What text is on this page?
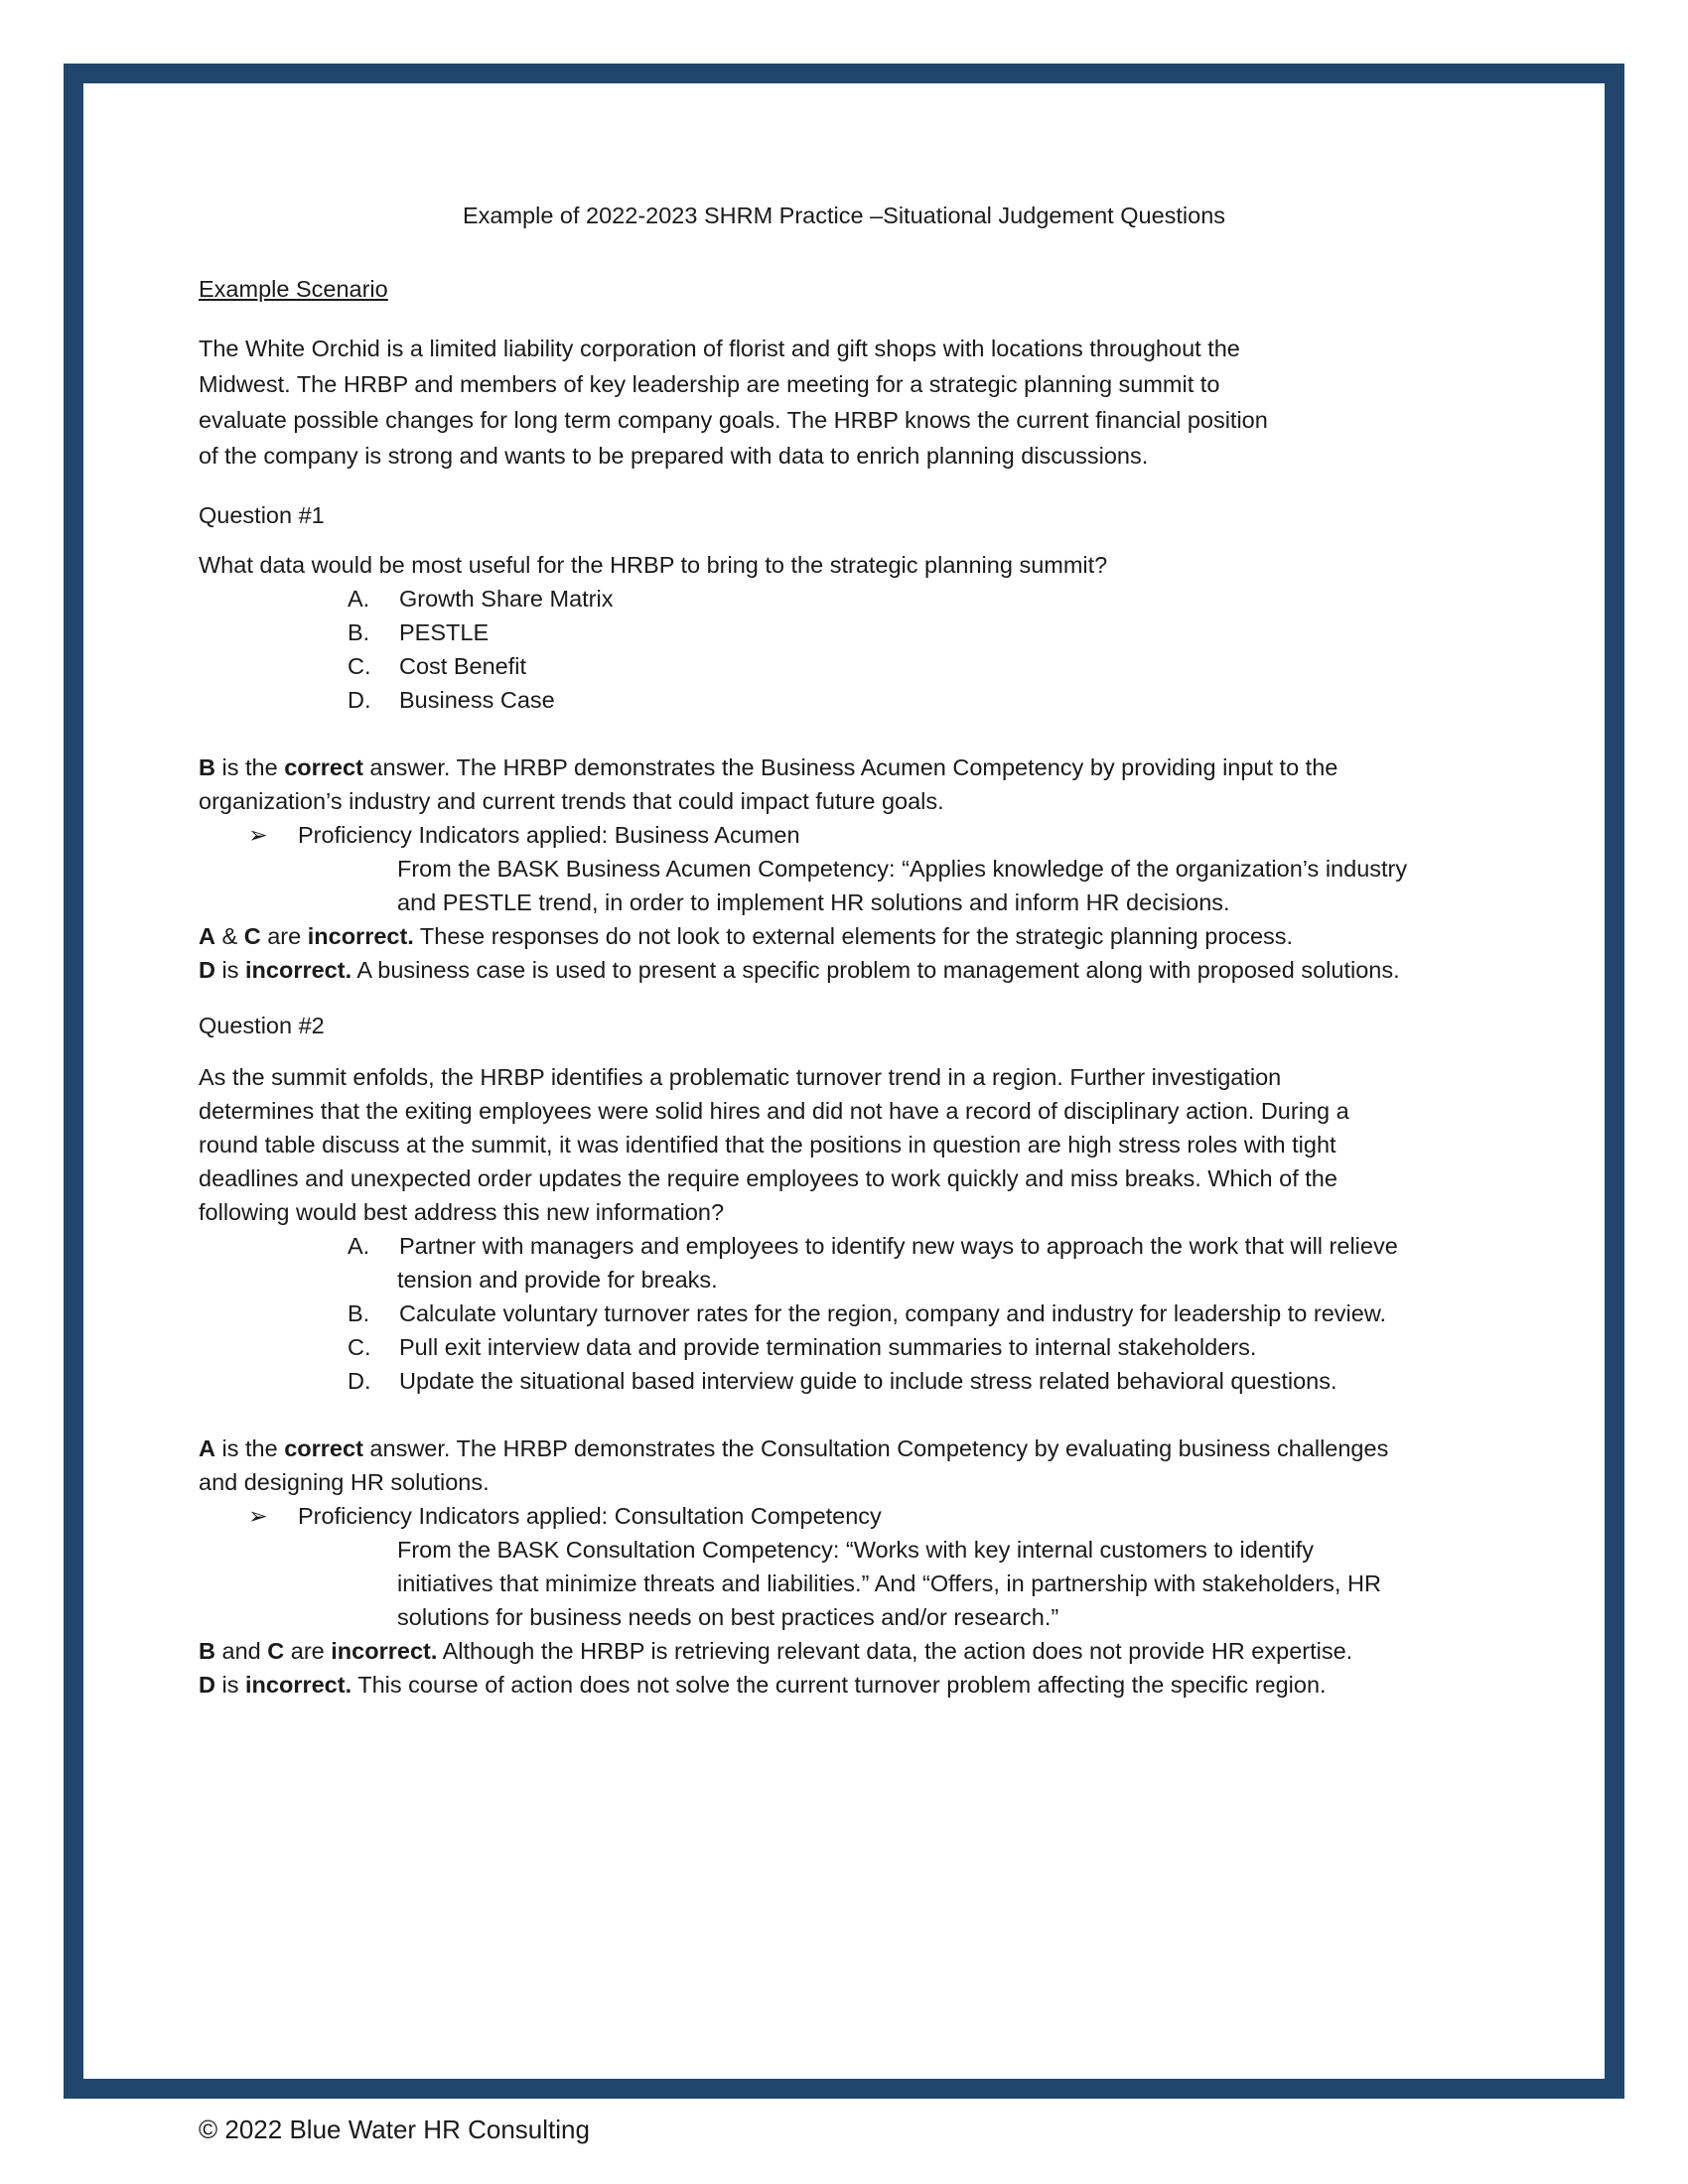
Example of 2022-2023 SHRM Practice –Situational Judgement Questions
Example Scenario
The White Orchid is a limited liability corporation of florist and gift shops with locations throughout the
Midwest. The HRBP and members of key leadership are meeting for a strategic planning summit to
evaluate possible changes for long term company goals. The HRBP knows the current financial position
of the company is strong and wants to be prepared with data to enrich planning discussions.
Question #1
What data would be most useful for the HRBP to bring to the strategic planning summit?
A. Growth Share Matrix
B. PESTLE
C. Cost Benefit
D. Business Case
B is the correct answer. The HRBP demonstrates the Business Acumen Competency by providing input to the
organization’s industry and current trends that could impact future goals.
➢ Proficiency Indicators applied: Business Acumen
From the BASK Business Acumen Competency: “Applies knowledge of the organization’s industry
and PESTLE trend, in order to implement HR solutions and inform HR decisions.
A & C are incorrect. These responses do not look to external elements for the strategic planning process.
D is incorrect. A business case is used to present a specific problem to management along with proposed solutions.
Question #2
As the summit enfolds, the HRBP identifies a problematic turnover trend in a region. Further investigation
determines that the exiting employees were solid hires and did not have a record of disciplinary action. During a
round table discuss at the summit, it was identified that the positions in question are high stress roles with tight
deadlines and unexpected order updates the require employees to work quickly and miss breaks. Which of the
following would best address this new information?
A. Partner with managers and employees to identify new ways to approach the work that will relieve
tension and provide for breaks.
B. Calculate voluntary turnover rates for the region, company and industry for leadership to review.
C. Pull exit interview data and provide termination summaries to internal stakeholders.
D. Update the situational based interview guide to include stress related behavioral questions.
A is the correct answer. The HRBP demonstrates the Consultation Competency by evaluating business challenges
and designing HR solutions.
➢ Proficiency Indicators applied: Consultation Competency
From the BASK Consultation Competency: “Works with key internal customers to identify
initiatives that minimize threats and liabilities.” And “Offers, in partnership with stakeholders, HR
solutions for business needs on best practices and/or research.”
B and C are incorrect. Although the HRBP is retrieving relevant data, the action does not provide HR expertise.
D is incorrect. This course of action does not solve the current turnover problem affecting the specific region.
© 2022 Blue Water HR Consulting
